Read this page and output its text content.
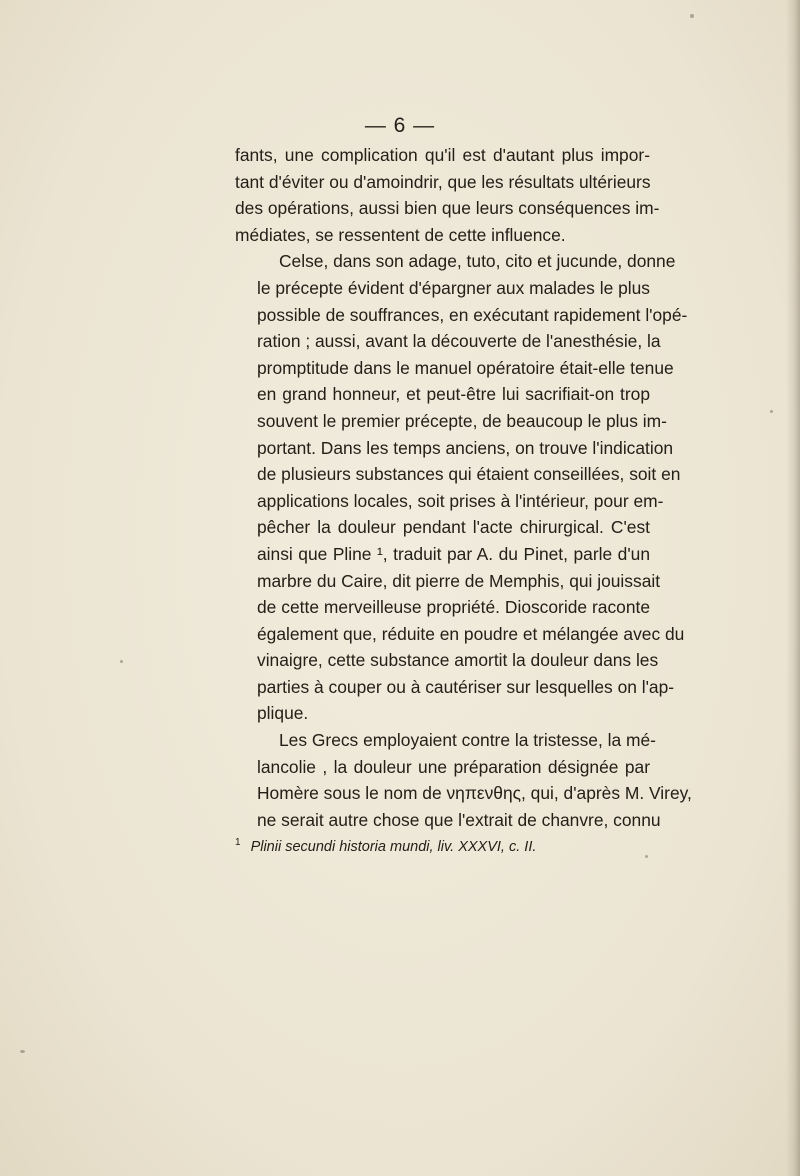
— 6 —

fants, une complication qu'il est d'autant plus impor-
tant d'éviter ou d'amoindrir, que les résultats ultérieurs
des opérations, aussi bien que leurs conséquences im-
médiates, se ressentent de cette influence.

Celse, dans son adage, tuto, cito et jucunde, donne
le précepte évident d'épargner aux malades le plus
possible de souffrances, en exécutant rapidement l'opé-
ration ; aussi, avant la découverte de l'anesthésie, la
promptitude dans le manuel opératoire était-elle tenue
en grand honneur, et peut-être lui sacrifiait-on trop
souvent le premier précepte, de beaucoup le plus im-
portant. Dans les temps anciens, on trouve l'indication
de plusieurs substances qui étaient conseillées, soit en
applications locales, soit prises à l'intérieur, pour em-
pêcher la douleur pendant l'acte chirurgical. C'est
ainsi que Pline ¹, traduit par A. du Pinet, parle d'un
marbre du Caire, dit pierre de Memphis, qui jouissait
de cette merveilleuse propriété. Dioscoride raconte
également que, réduite en poudre et mélangée avec du
vinaigre, cette substance amortit la douleur dans les
parties à couper ou à cautériser sur lesquelles on l'ap-
plique.

Les Grecs employaient contre la tristesse, la mé-
lancolie , la douleur une préparation désignée par
Homère sous le nom de νηπενθης, qui, d'après M. Virey,
ne serait autre chose que l'extrait de chanvre, connu

$^1$ Plinii secundi historia mundi, liv. XXXVI, c. II.
